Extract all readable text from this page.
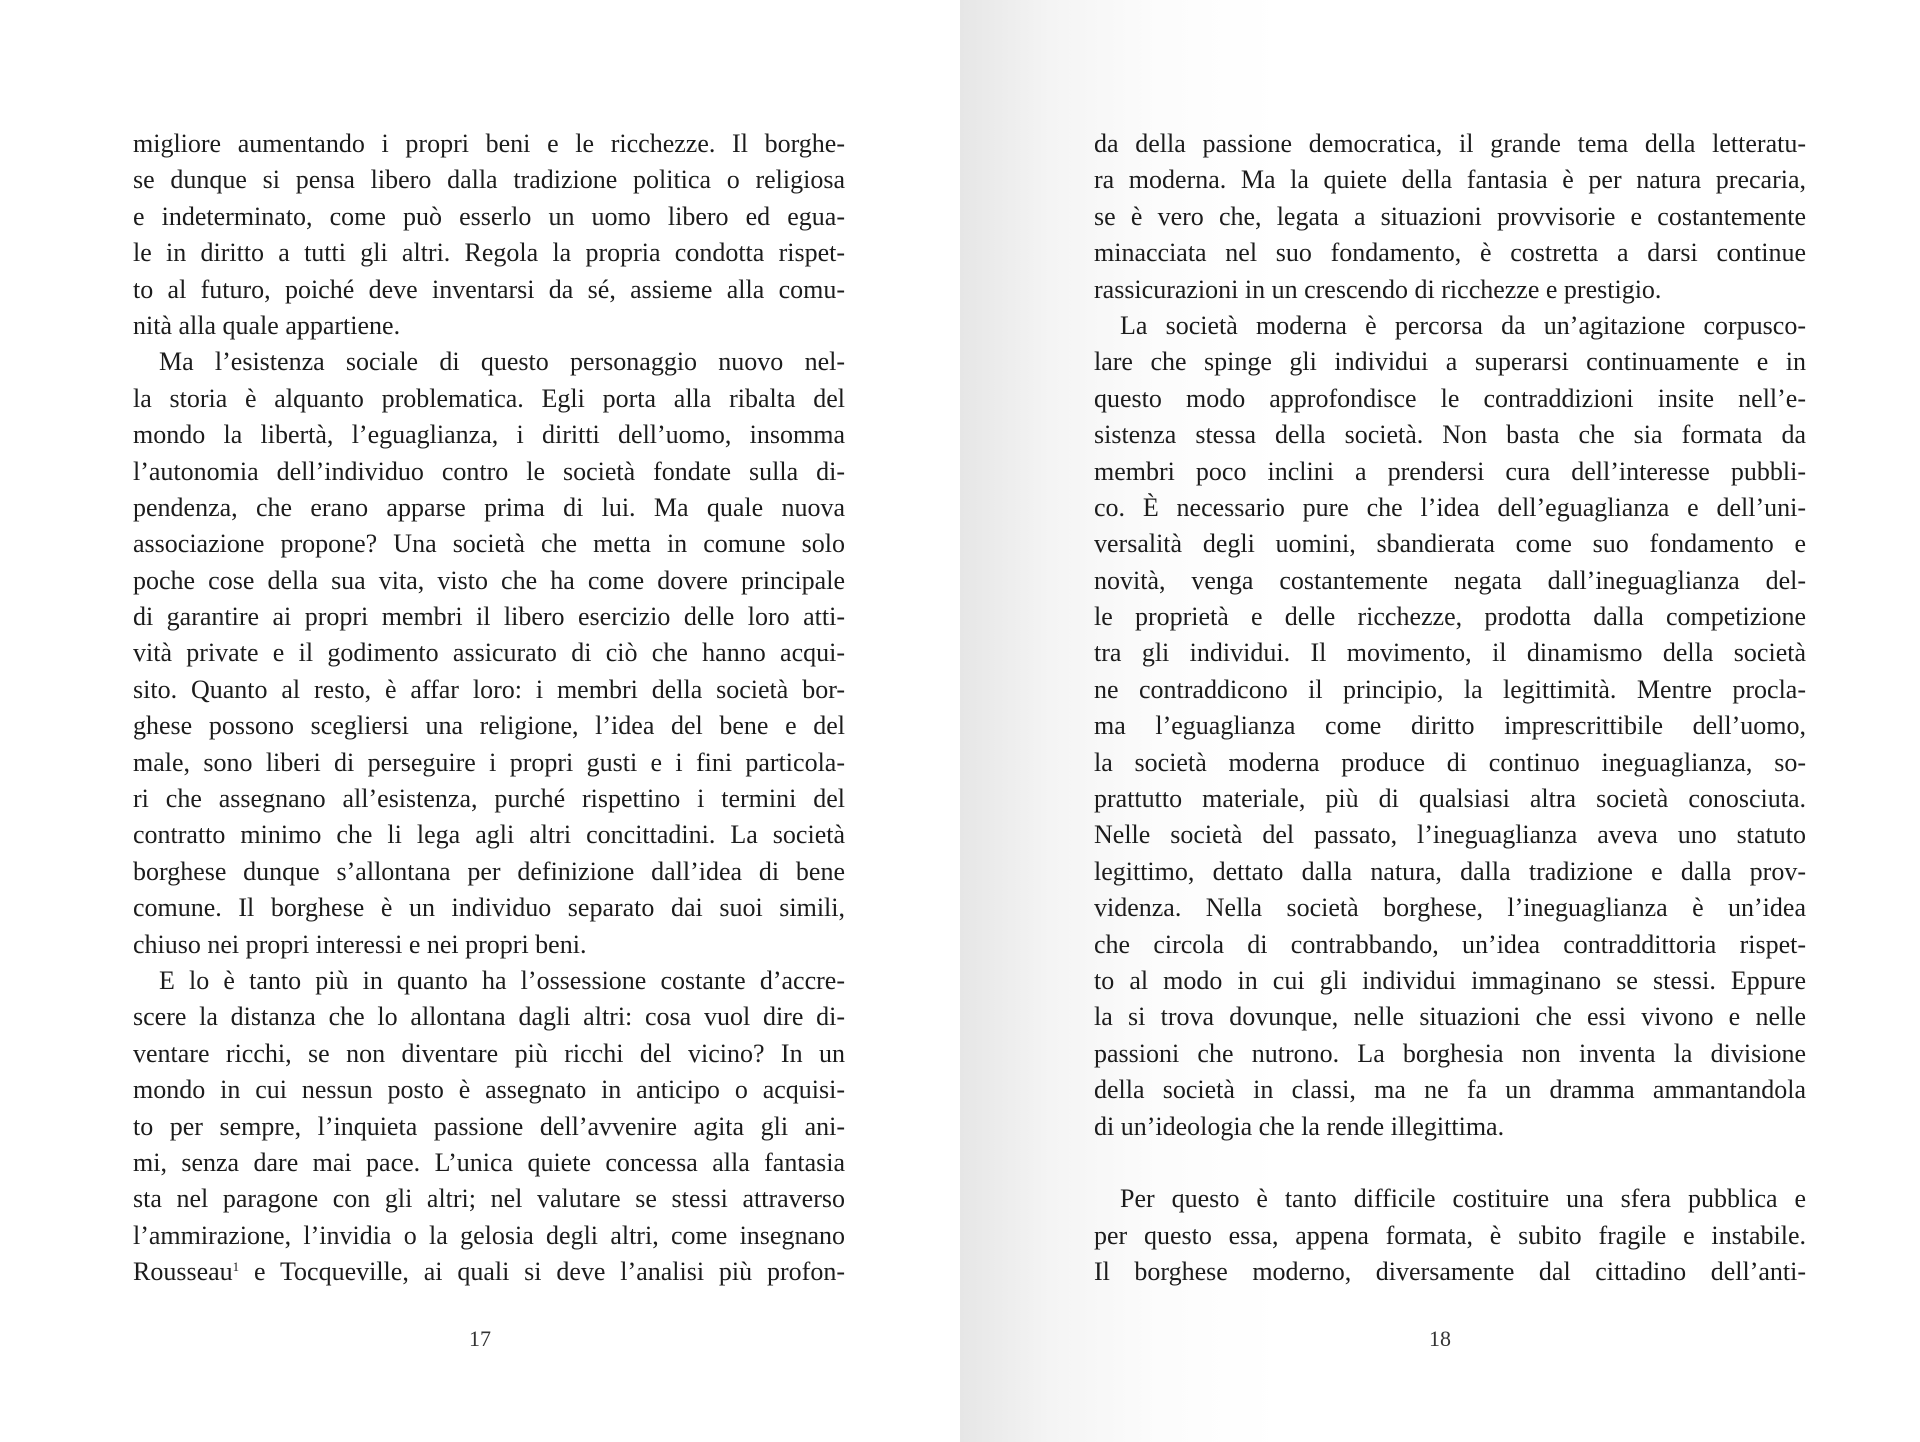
migliore aumentando i propri beni e le ricchezze. Il borghe-
se dunque si pensa libero dalla tradizione politica o religiosa
e indeterminato, come può esserlo un uomo libero ed egua-
le in diritto a tutti gli altri. Regola la propria condotta rispet-
to al futuro, poiché deve inventarsi da sé, assieme alla comu-
nità alla quale appartiene.
Ma l’esistenza sociale di questo personaggio nuovo nel-
la storia è alquanto problematica. Egli porta alla ribalta del
mondo la libertà, l’eguaglianza, i diritti dell’uomo, insomma
l’autonomia dell’individuo contro le società fondate sulla di-
pendenza, che erano apparse prima di lui. Ma quale nuova
associazione propone? Una società che metta in comune solo
poche cose della sua vita, visto che ha come dovere principale
di garantire ai propri membri il libero esercizio delle loro atti-
vità private e il godimento assicurato di ciò che hanno acqui-
sito. Quanto al resto, è affar loro: i membri della società bor-
ghese possono scegliersi una religione, l’idea del bene e del
male, sono liberi di perseguire i propri gusti e i fini particola-
ri che assegnano all’esistenza, purché rispettino i termini del
contratto minimo che li lega agli altri concittadini. La società
borghese dunque s’allontana per definizione dall’idea di bene
comune. Il borghese è un individuo separato dai suoi simili,
chiuso nei propri interessi e nei propri beni.
E lo è tanto più in quanto ha l’ossessione costante d’accre-
scere la distanza che lo allontana dagli altri: cosa vuol dire di-
ventare ricchi, se non diventare più ricchi del vicino? In un
mondo in cui nessun posto è assegnato in anticipo o acquisi-
to per sempre, l’inquieta passione dell’avvenire agita gli ani-
mi, senza dare mai pace. L’unica quiete concessa alla fantasia
sta nel paragone con gli altri; nel valutare se stessi attraverso
l’ammirazione, l’invidia o la gelosia degli altri, come insegnano
Rousseau$^1$ e Tocqueville, ai quali si deve l’analisi più profon-
17
da della passione democratica, il grande tema della letteratu-
ra moderna. Ma la quiete della fantasia è per natura precaria,
se è vero che, legata a situazioni provvisorie e costantemente
minacciata nel suo fondamento, è costretta a darsi continue
rassicurazioni in un crescendo di ricchezze e prestigio.
La società moderna è percorsa da un’agitazione corpusco-
lare che spinge gli individui a superarsi continuamente e in
questo modo approfondisce le contraddizioni insite nell’e-
sistenza stessa della società. Non basta che sia formata da
membri poco inclini a prendersi cura dell’interesse pubbli-
co. È necessario pure che l’idea dell’eguaglianza e dell’uni-
versalità degli uomini, sbandierata come suo fondamento e
novità, venga costantemente negata dall’ineguaglianza del-
le proprietà e delle ricchezze, prodotta dalla competizione
tra gli individui. Il movimento, il dinamismo della società
ne contraddicono il principio, la legittimità. Mentre procla-
ma l’eguaglianza come diritto imprescrittibile dell’uomo,
la società moderna produce di continuo ineguaglianza, so-
prattutto materiale, più di qualsiasi altra società conosciuta.
Nelle società del passato, l’ineguaglianza aveva uno statuto
legittimo, dettato dalla natura, dalla tradizione e dalla prov-
videnza. Nella società borghese, l’ineguaglianza è un’idea
che circola di contrabbando, un’idea contraddittoria rispet-
to al modo in cui gli individui immaginano se stessi. Eppure
la si trova dovunque, nelle situazioni che essi vivono e nelle
passioni che nutrono. La borghesia non inventa la divisione
della società in classi, ma ne fa un dramma ammantandola
di un’ideologia che la rende illegittima.
Per questo è tanto difficile costituire una sfera pubblica e
per questo essa, appena formata, è subito fragile e instabile.
Il borghese moderno, diversamente dal cittadino dell’anti-
18
